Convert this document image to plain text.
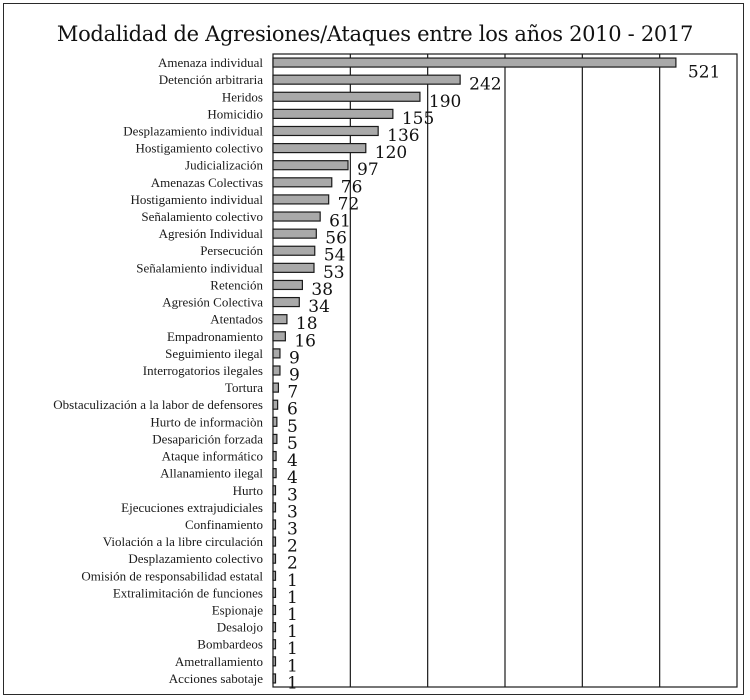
Modalidad de Agresiones/Ataques entre los años 2010 - 2017
Amenaza individual	521
Detención arbitraria	242
Heridos	190
Homicidio	155
Desplazamiento individual	136
Hostigamiento colectivo	120
Judicialización	97
Amenazas Colectivas	76
Hostigamiento individual	72
Señalamiento colectivo	61
Agresión Individual	56
Persecución	54
Señalamiento individual	53
Retención	38
Agresión Colectiva	34
Atentados 18
Empadronamiento 16
Seguimiento ilegal 9
Interrogatorios ilegales 9
Tortura 7
Obstaculización a la labor de defensores 6
Hurto de informaciòn 5
Desaparición forzada 5
Ataque informático 4
Allanamiento ilegal 4
Hurto 3
Ejecuciones extrajudiciales 3
Confinamiento 3
Violación a la libre circulación 2
Desplazamiento colectivo 2
Omisión de responsabilidad estatal 1
Extralimitación de funciones 1
Espionaje 1
Desalojo 1
Bombardeos 1
Ametrallamiento 1
Acciones sabotaje 1
